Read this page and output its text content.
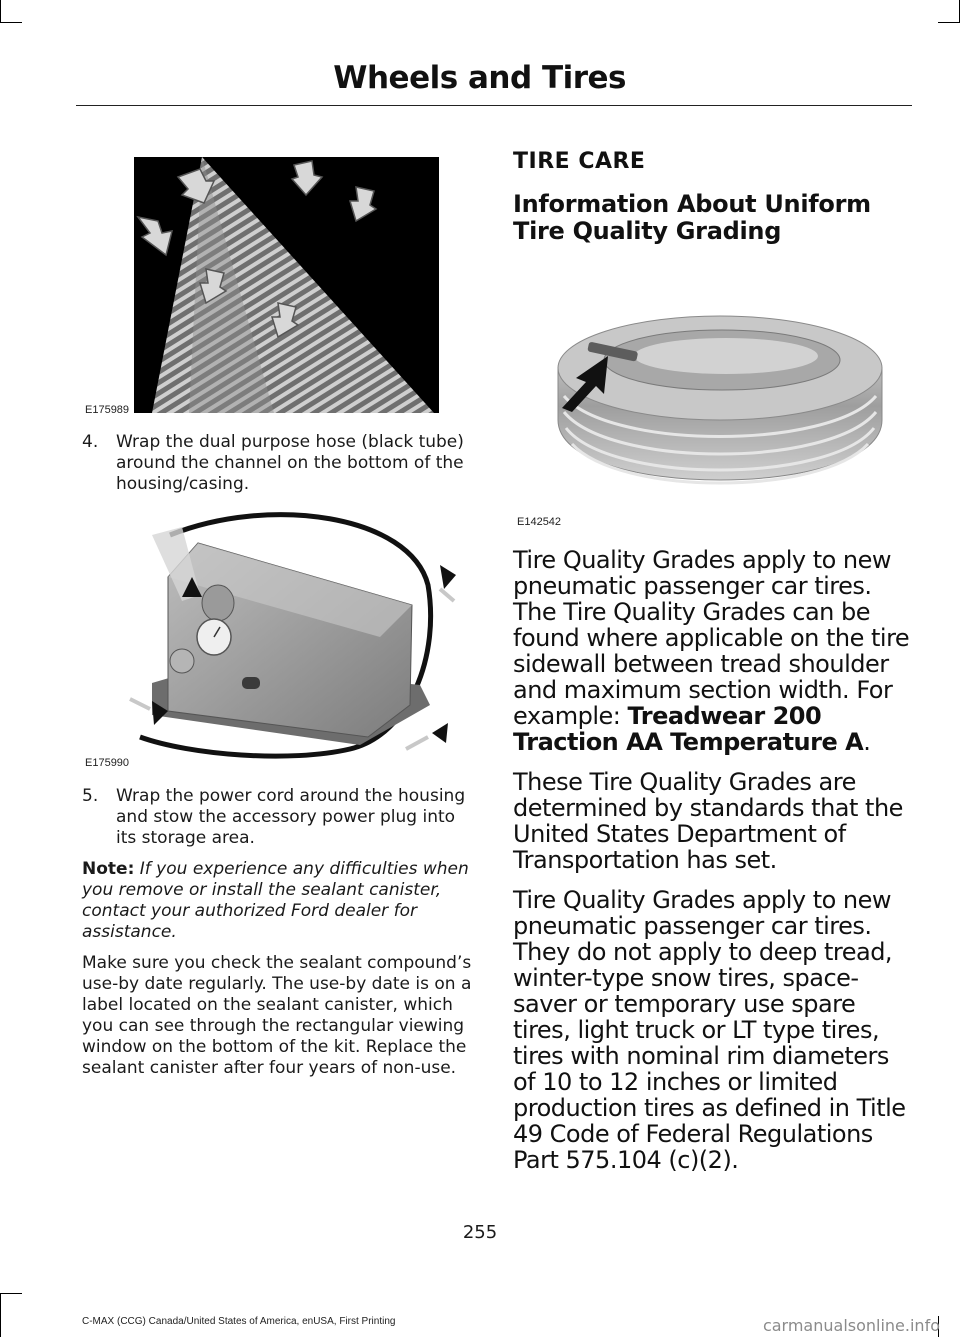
Wheels and Tires
E175989
4. Wrap the dual purpose hose (black tube) around the channel on the bottom of the housing/casing.

E175990
5. Wrap the power cord around the housing and stow the accessory power plug into its storage area.

Note: If you experience any difficulties when you remove or install the sealant canister, contact your authorized Ford dealer for assistance.

Make sure you check the sealant compound’s use-by date regularly. The use-by date is on a label located on the sealant canister, which you can see through the rectangular viewing window on the bottom of the kit. Replace the sealant canister after four years of non-use.

TIRE CARE
Information About Uniform Tire Quality Grading
E142542

Tire Quality Grades apply to new pneumatic passenger car tires. The Tire Quality Grades can be found where applicable on the tire sidewall between tread shoulder and maximum section width. For example: Treadwear 200 Traction AA Temperature A.

These Tire Quality Grades are determined by standards that the United States Department of Transportation has set.

Tire Quality Grades apply to new pneumatic passenger car tires. They do not apply to deep tread, winter-type snow tires, space-saver or temporary use spare tires, light truck or LT type tires, tires with nominal rim diameters of 10 to 12 inches or limited production tires as defined in Title 49 Code of Federal Regulations Part 575.104 (c)(2).

255
C-MAX (CCG) Canada/United States of America, enUSA, First Printing	carmanualsonline.info
